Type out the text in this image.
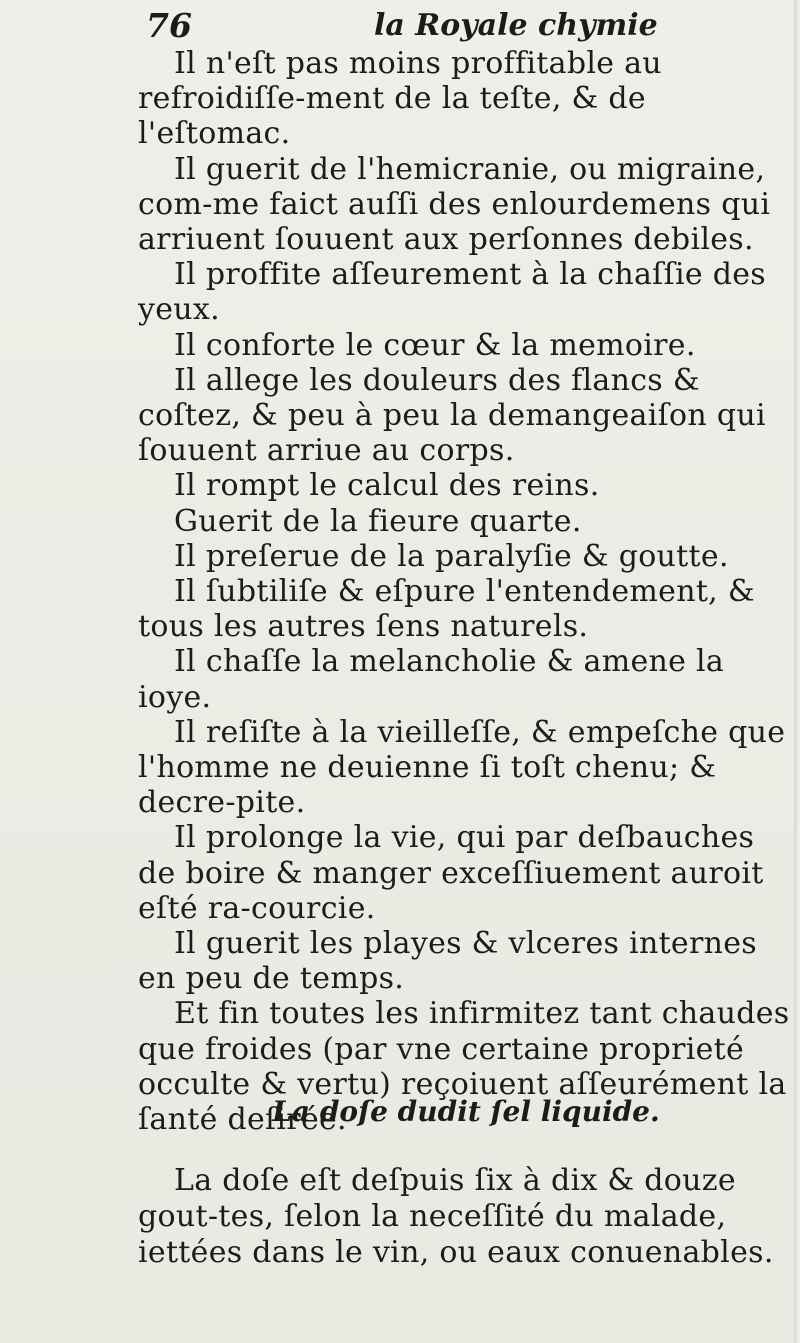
76	la Royale chymie

Il n'eſt pas moins proffitable au refroidiſſe-ment de la teſte, & de l'eſtomac.

Il guerit de l'hemicranie, ou migraine, com-me faict auſſi des enlourdemens qui arriuent ſouuent aux perſonnes debiles.

Il proffite aſſeurement à la chaſſie des yeux.

Il conforte le cœur & la memoire.

Il allege les douleurs des flancs & coſtez, & peu à peu la demangeaiſon qui ſouuent arriue au corps.

Il rompt le calcul des reins.

Guerit de la fieure quarte.

Il preſerue de la paralyſie & goutte.

Il ſubtiliſe & eſpure l'entendement, & tous les autres ſens naturels.

Il chaſſe la melancholie & amene la ioye.

Il reſiſte à la vieilleſſe, & empeſche que l'homme ne deuienne ſi toſt chenu; & decre-pite.

Il prolonge la vie, qui par deſbauches de boire & manger exceſſiuement auroit eſté ra-courcie.

Il guerit les playes & vlceres internes en peu de temps.

Et fin toutes les infirmitez tant chaudes que froides (par vne certaine proprieté occulte & vertu) reçoiuent aſſeurément la ſanté deſirée.

La doſe dudit ſel liquide.

La doſe eſt deſpuis ſix à dix & douze gout-tes, ſelon la neceſſité du malade, iettées dans le vin, ou eaux conuenables.
